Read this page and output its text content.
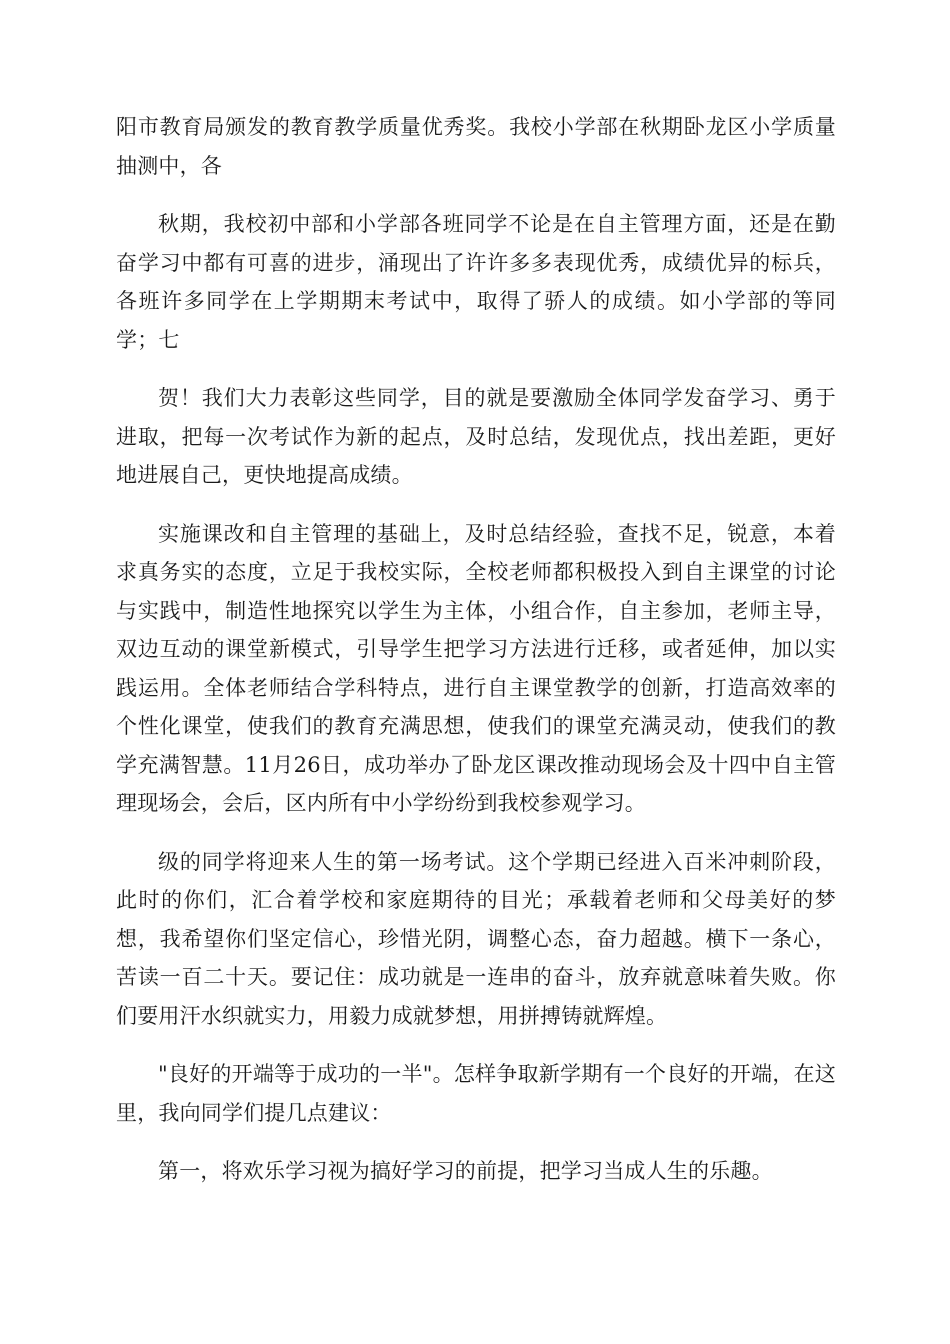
阳市教育局颁发的教育教学质量优秀奖。我校小学部在秋期卧龙区小学质量抽测中，各

秋期，我校初中部和小学部各班同学不论是在自主管理方面，还是在勤奋学习中都有可喜的进步，涌现出了许许多多表现优秀，成绩优异的标兵，各班许多同学在上学期期末考试中，取得了骄人的成绩。如小学部的等同学；七

贺！我们大力表彰这些同学，目的就是要激励全体同学发奋学习、勇于进取，把每一次考试作为新的起点，及时总结，发现优点，找出差距，更好地进展自己，更快地提高成绩。

实施课改和自主管理的基础上，及时总结经验，查找不足，锐意，本着求真务实的态度，立足于我校实际，全校老师都积极投入到自主课堂的讨论与实践中，制造性地探究以学生为主体，小组合作，自主参加，老师主导，双边互动的课堂新模式，引导学生把学习方法进行迁移，或者延伸，加以实践运用。全体老师结合学科特点，进行自主课堂教学的创新，打造高效率的个性化课堂，使我们的教育充满思想，使我们的课堂充满灵动，使我们的教学充满智慧。11月26日，成功举办了卧龙区课改推动现场会及十四中自主管理现场会，会后，区内所有中小学纷纷到我校参观学习。

级的同学将迎来人生的第一场考试。这个学期已经进入百米冲刺阶段，此时的你们，汇合着学校和家庭期待的目光；承载着老师和父母美好的梦想，我希望你们坚定信心，珍惜光阴，调整心态，奋力超越。横下一条心，苦读一百二十天。要记住：成功就是一连串的奋斗，放弃就意味着失败。你们要用汗水织就实力，用毅力成就梦想，用拼搏铸就辉煌。

"良好的开端等于成功的一半"。怎样争取新学期有一个良好的开端，在这里，我向同学们提几点建议：

第一，将欢乐学习视为搞好学习的前提，把学习当成人生的乐趣。
